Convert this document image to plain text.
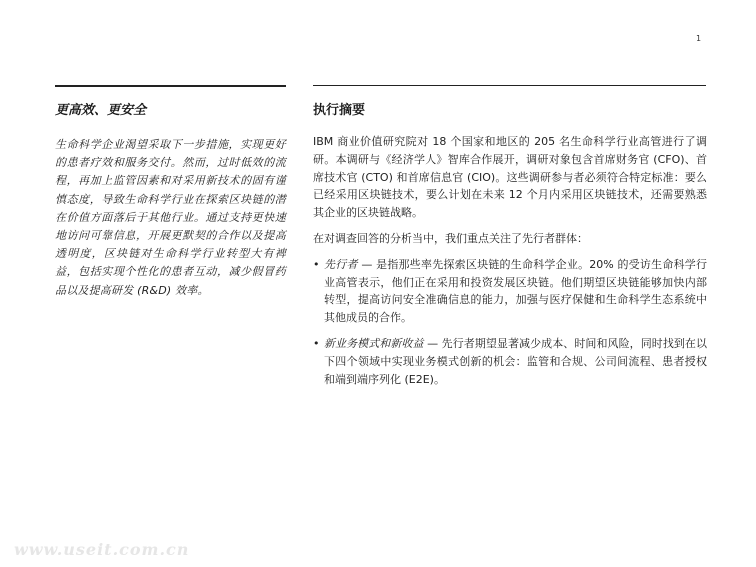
1
更高效、更安全

生命科学企业渴望采取下一步措施，实现更好的患者疗效和服务交付。然而，过时低效的流程，再加上监管因素和对采用新技术的固有谨慎态度，导致生命科学行业在探索区块链的潜在价值方面落后于其他行业。通过支持更快速地访问可靠信息，开展更默契的合作以及提高透明度，区块链对生命科学行业转型大有裨益，包括实现个性化的患者互动，减少假冒药品以及提高研发 (R&D) 效率。

执行摘要

IBM 商业价值研究院对 18 个国家和地区的 205 名生命科学行业高管进行了调研。本调研与《经济学人》智库合作展开，调研对象包含首席财务官 (CFO)、首席技术官 (CTO) 和首席信息官 (CIO)。这些调研参与者必须符合特定标准：要么已经采用区块链技术，要么计划在未来 12 个月内采用区块链技术，还需要熟悉其企业的区块链战略。

在对调查回答的分析当中，我们重点关注了先行者群体：

• 先行者 — 是指那些率先探索区块链的生命科学企业。20% 的受访生命科学行业高管表示，他们正在采用和投资发展区块链。他们期望区块链能够加快内部转型，提高访问安全准确信息的能力，加强与医疗保健和生命科学生态系统中其他成员的合作。
• 新业务模式和新收益 — 先行者期望显著减少成本、时间和风险，同时找到在以下四个领域中实现业务模式创新的机会：监管和合规、公司间流程、患者授权和端到端序列化 (E2E)。
www.useit.com.cn
